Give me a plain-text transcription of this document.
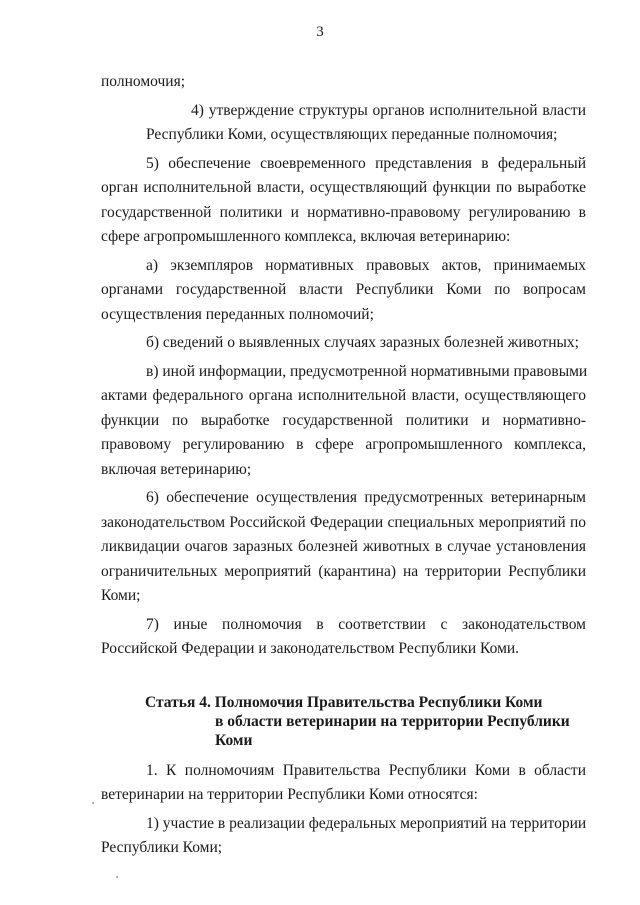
3

полномочия;

4) утверждение структуры органов исполнительной власти
Республики Коми, осуществляющих переданные полномочия;

5) обеспечение своевременного представления в федеральный
орган исполнительной власти, осуществляющий функции по выработке
государственной политики и нормативно-правовому регулированию в
сфере агропромышленного комплекса, включая ветеринарию:

а) экземпляров нормативных правовых актов, принимаемых
органами государственной власти Республики Коми по вопросам
осуществления переданных полномочий;

б) сведений о выявленных случаях заразных болезней животных;

в) иной информации, предусмотренной нормативными правовыми
актами федерального органа исполнительной власти, осуществляющего
функции по выработке государственной политики и нормативно-
правовому регулированию в сфере агропромышленного комплекса,
включая ветеринарию;

6) обеспечение осуществления предусмотренных ветеринарным
законодательством Российской Федерации специальных мероприятий по
ликвидации очагов заразных болезней животных в случае установления
ограничительных мероприятий (карантина) на территории Республики
Коми;

7) иные полномочия в соответствии с законодательством
Российской Федерации и законодательством Республики Коми.

Статья 4. Полномочия Правительства Республики Коми
в области ветеринарии на территории Республики
Коми

1. К полномочиям Правительства Республики Коми в области
ветеринарии на территории Республики Коми относятся:

1) участие в реализации федеральных мероприятий на территории
Республики Коми;
